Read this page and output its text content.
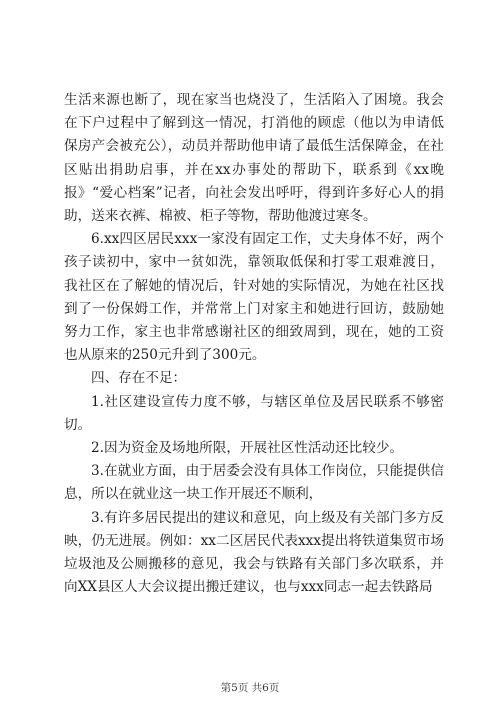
生活来源也断了，现在家当也烧没了，生活陷入了困境。我会在下户过程中了解到这一情况，打消他的顾虑（他以为申请低保房产会被充公），动员并帮助他申请了最低生活保障金，在社区贴出捐助启事，并在xx办事处的帮助下，联系到《xx晚报》“爱心档案”记者，向社会发出呼吁，得到许多好心人的捐助，送来衣裤、棉被、柜子等物，帮助他渡过寒冬。

6.xx四区居民xxx一家没有固定工作，丈夫身体不好，两个孩子读初中，家中一贫如洗，靠领取低保和打零工艰难渡日，我社区在了解她的情况后，针对她的实际情况，为她在社区找到了一份保姆工作，并常常上门对家主和她进行回访，鼓励她努力工作，家主也非常感谢社区的细致周到，现在，她的工资也从原来的250元升到了300元。

四、存在不足：

1.社区建设宣传力度不够，与辖区单位及居民联系不够密切。

2.因为资金及场地所限，开展社区性活动还比较少。

3.在就业方面，由于居委会没有具体工作岗位，只能提供信息，所以在就业这一块工作开展还不顺利，

3.有许多居民提出的建议和意见，向上级及有关部门多方反映，仍无进展。例如：xx二区居民代表xxx提出将铁道集贸市场垃圾池及公厕搬移的意见，我会与铁路有关部门多次联系，并向XX县区人大会议提出搬迁建议，也与xxx同志一起去铁路局

第5页 共6页
